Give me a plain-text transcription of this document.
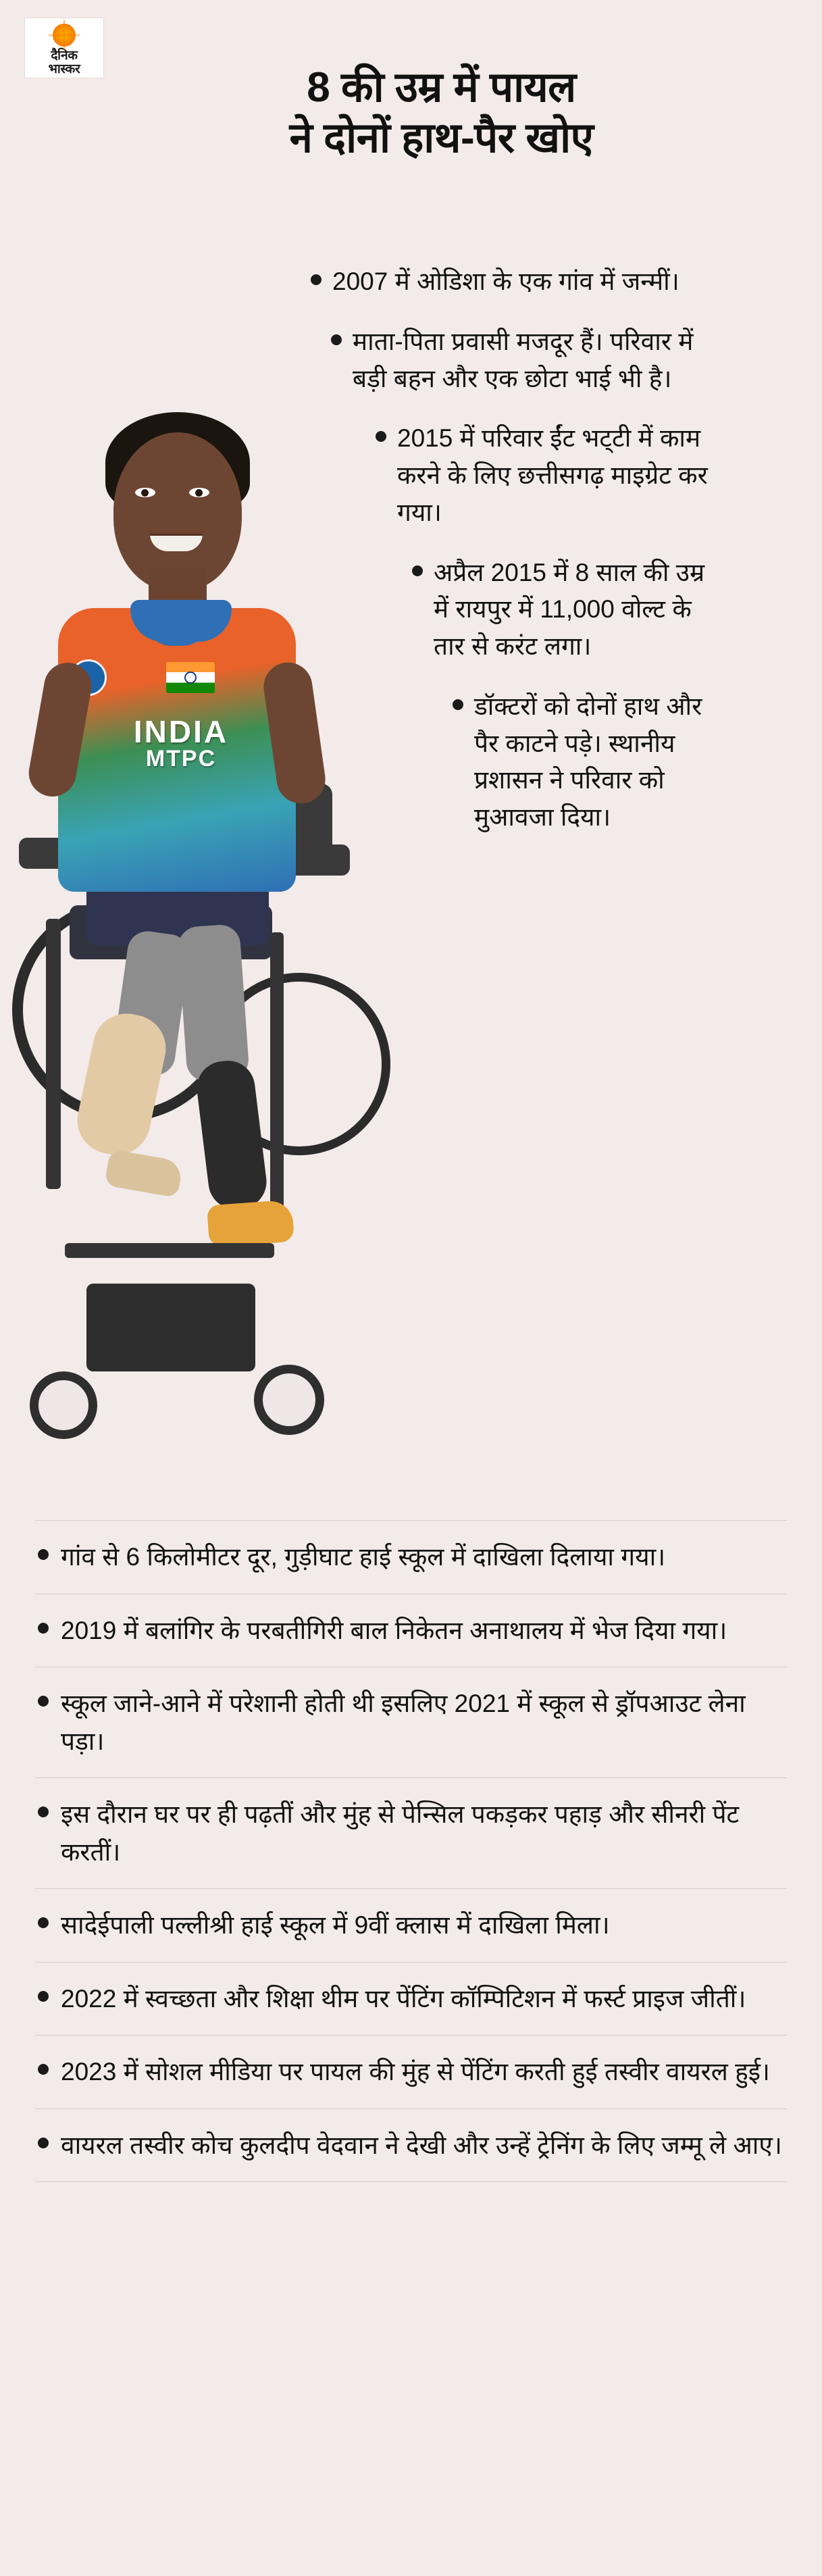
दैनिक
भास्कर	8 की उम्र में पायल
ने दोनों हाथ-पैर खोए
INDIA
MTPC
2007 में ओडिशा के एक गांव में जन्मीं।
माता-पिता प्रवासी मजदूर हैं। परिवार में बड़ी बहन और एक छोटा भाई भी है।
2015 में परिवार ईंट भट्‌टी में काम करने के लिए छत्तीसगढ़ माइग्रेट कर गया।
अप्रैल 2015 में 8 साल की उम्र में रायपुर में 11,000 वोल्ट के तार से करंट लगा।
डॉक्टरों को दोनों हाथ और पैर काटने पड़े। स्थानीय प्रशासन ने परिवार को मुआवजा दिया।
गांव से 6 किलोमीटर दूर, गुड़ीघाट हाई स्कूल में दाखिला दिलाया गया।
2019 में बलांगिर के परबतीगिरी बाल निकेतन अनाथालय में भेज दिया गया।
स्कूल जाने-आने में परेशानी होती थी इसलिए 2021 में स्कूल से ड्रॉपआउट लेना पड़ा।
इस दौरान घर पर ही पढ़तीं और मुंह से पेन्सिल पकड़कर पहाड़ और सीनरी पेंट करतीं।
सादेईपाली पल्लीश्री हाई स्कूल में 9वीं क्लास में दाखिला मिला।
2022 में स्वच्छता और शिक्षा थीम पर पेंटिंग कॉम्पिटिशन में फर्स्ट प्राइज जीतीं।
2023 में सोशल मीडिया पर पायल की मुंह से पेंटिंग करती हुई तस्वीर वायरल हुई।
वायरल तस्वीर कोच कुलदीप वेदवान ने देखी और उन्हें ट्रेनिंग के लिए जम्मू ले आए।
